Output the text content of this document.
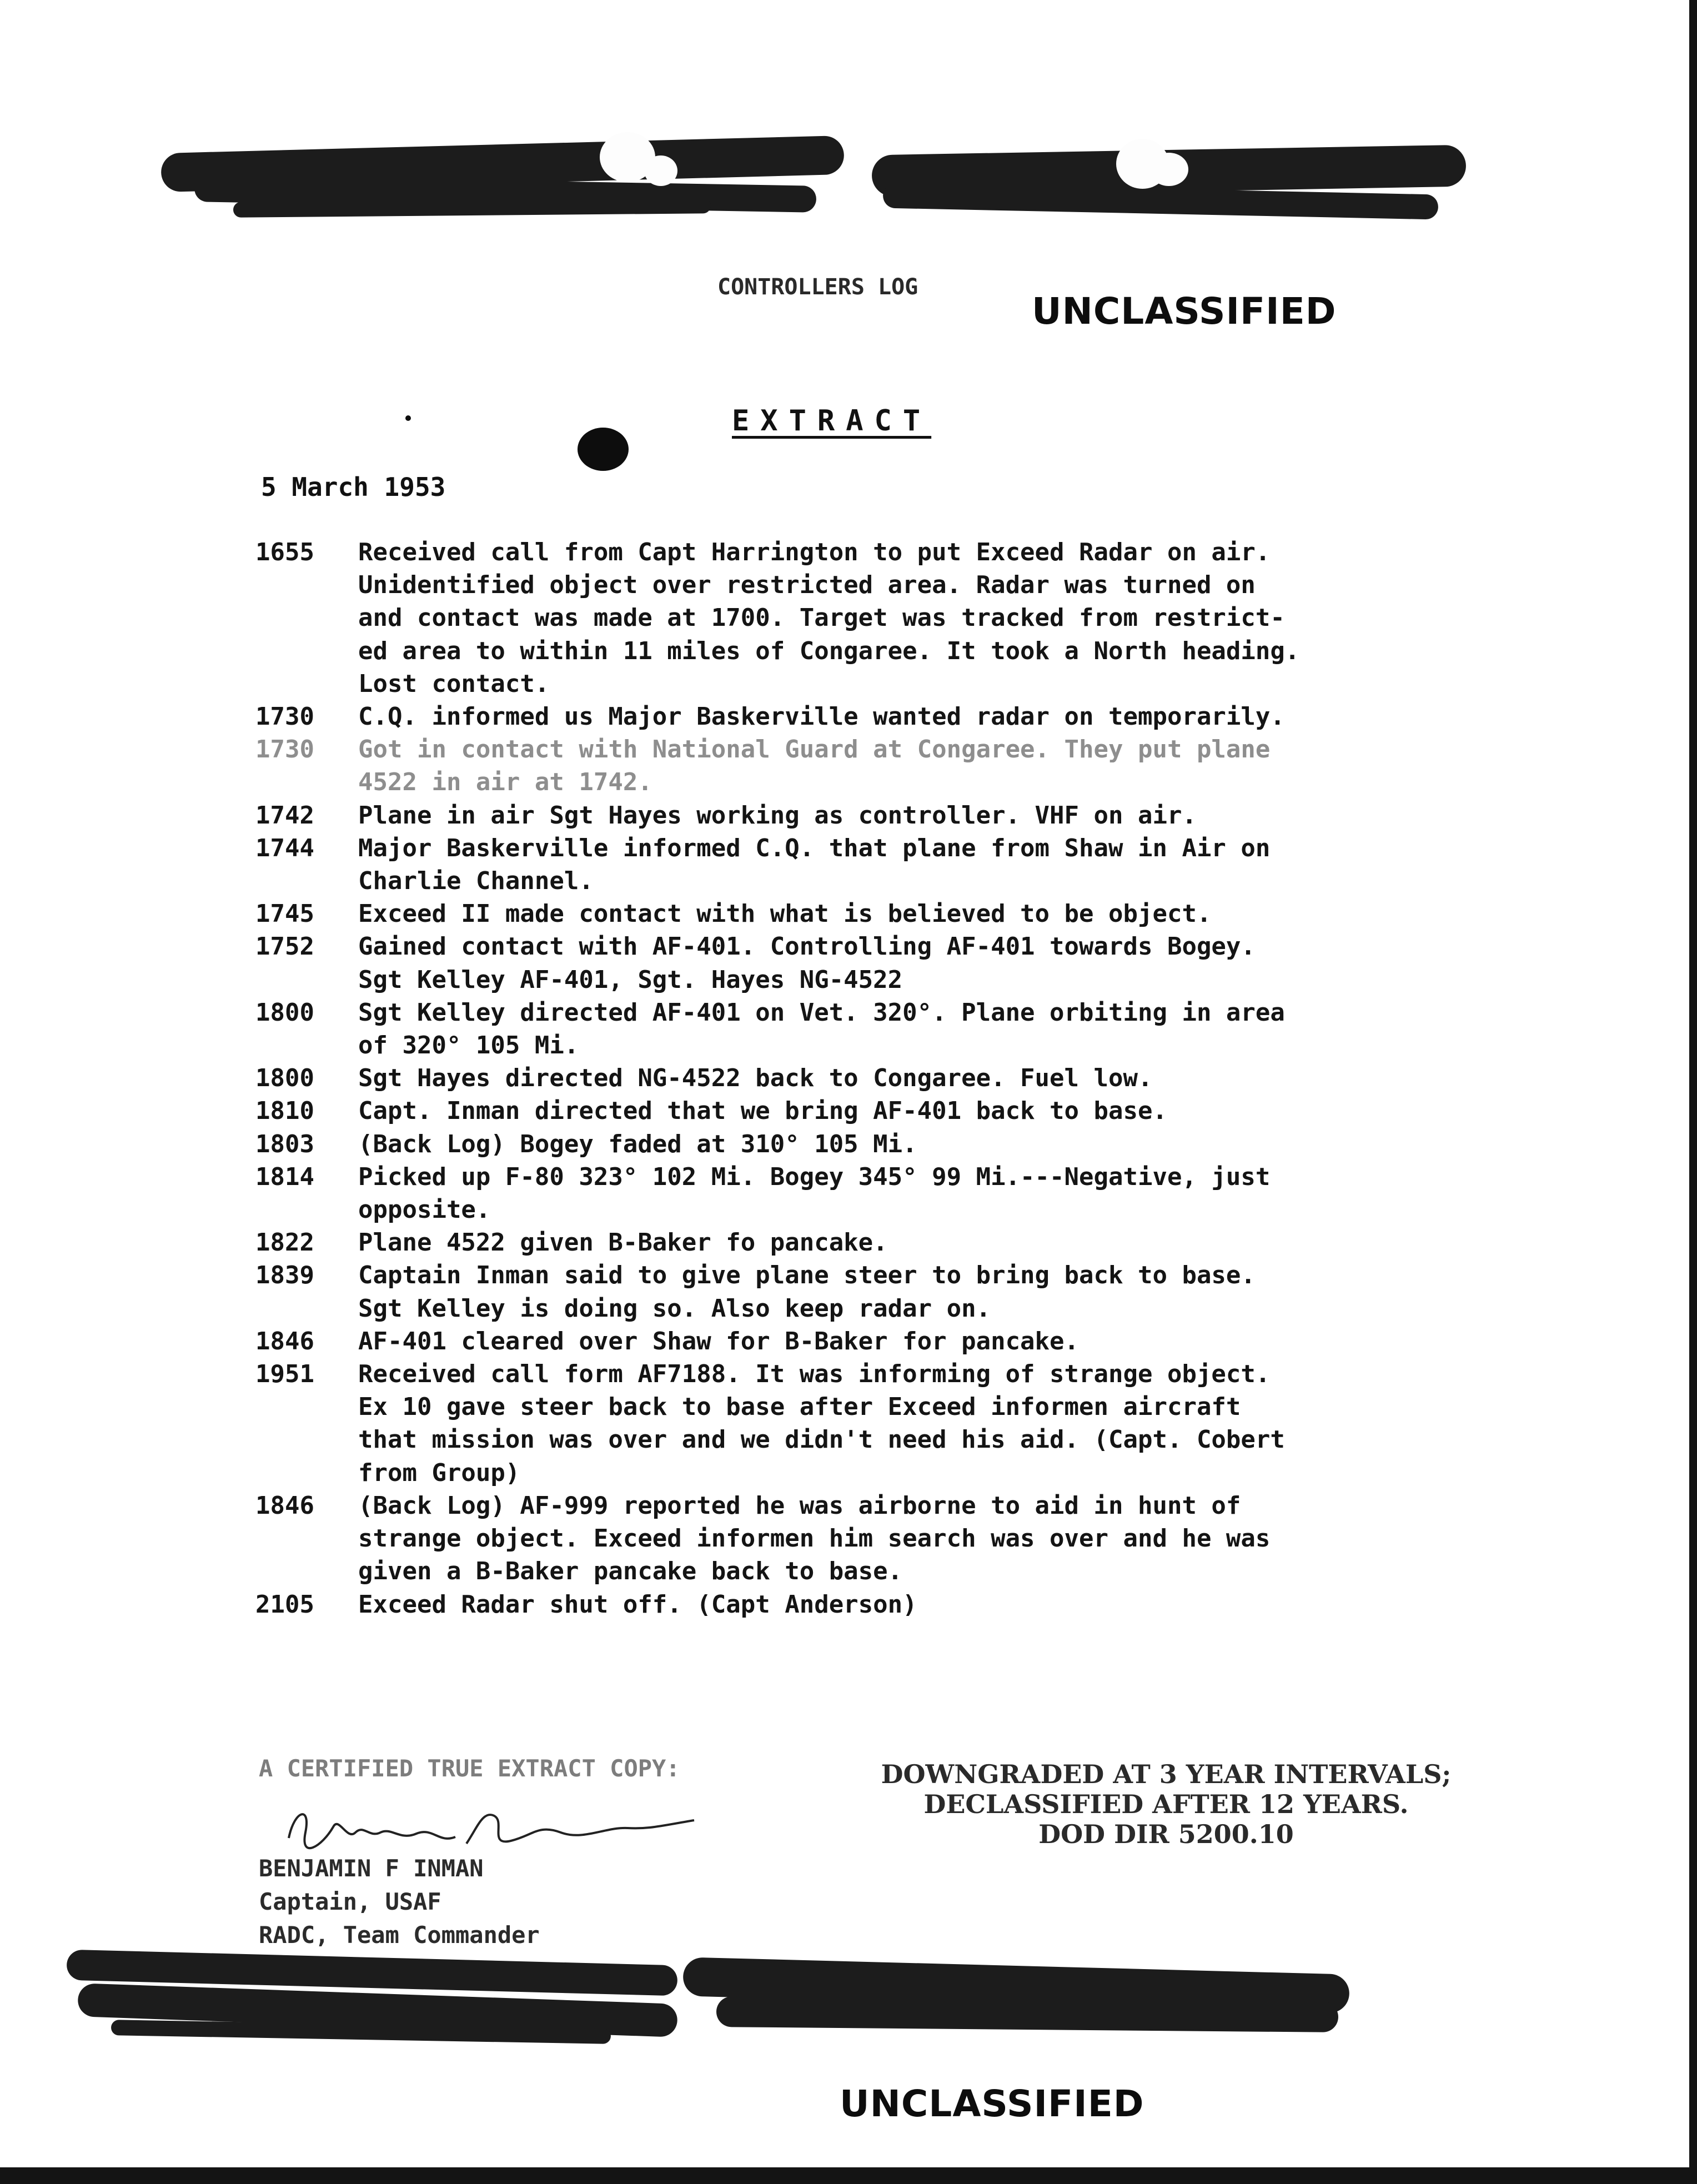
CONTROLLERS LOG
UNCLASSIFIED
EXTRACT
5 March 1953
1655	Received call from Capt Harrington to put Exceed Radar on air.
Unidentified object over restricted area. Radar was turned on
and contact was made at 1700. Target was tracked from restrict-
ed area to within 11 miles of Congaree. It took a North heading.
Lost contact.
1730	C.Q. informed us Major Baskerville wanted radar on temporarily.
1730	Got in contact with National Guard at Congaree. They put plane
4522 in air at 1742.
1742	Plane in air Sgt Hayes working as controller. VHF on air.
1744	Major Baskerville informed C.Q. that plane from Shaw in Air on
Charlie Channel.
1745	Exceed II made contact with what is believed to be object.
1752	Gained contact with AF-401. Controlling AF-401 towards Bogey.
Sgt Kelley AF-401, Sgt. Hayes NG-4522
1800	Sgt Kelley directed AF-401 on Vet. 320°. Plane orbiting in area
of 320° 105 Mi.
1800	Sgt Hayes directed NG-4522 back to Congaree. Fuel low.
1810	Capt. Inman directed that we bring AF-401 back to base.
1803	(Back Log) Bogey faded at 310° 105 Mi.
1814	Picked up F-80 323° 102 Mi. Bogey 345° 99 Mi.---Negative, just
opposite.
1822	Plane 4522 given B-Baker fo pancake.
1839	Captain Inman said to give plane steer to bring back to base.
Sgt Kelley is doing so. Also keep radar on.
1846	AF-401 cleared over Shaw for B-Baker for pancake.
1951	Received call form AF7188. It was informing of strange object.
Ex 10 gave steer back to base after Exceed informen aircraft
that mission was over and we didn't need his aid. (Capt. Cobert
from Group)
1846	(Back Log) AF-999 reported he was airborne to aid in hunt of
strange object. Exceed informen him search was over and he was
given a B-Baker pancake back to base.
2105	Exceed Radar shut off. (Capt Anderson)
A CERTIFIED TRUE EXTRACT COPY:
BENJAMIN F INMAN
Captain, USAF
RADC, Team Commander
DOWNGRADED AT 3 YEAR INTERVALS;
DECLASSIFIED AFTER 12 YEARS.
DOD DIR 5200.10
UNCLASSIFIED
